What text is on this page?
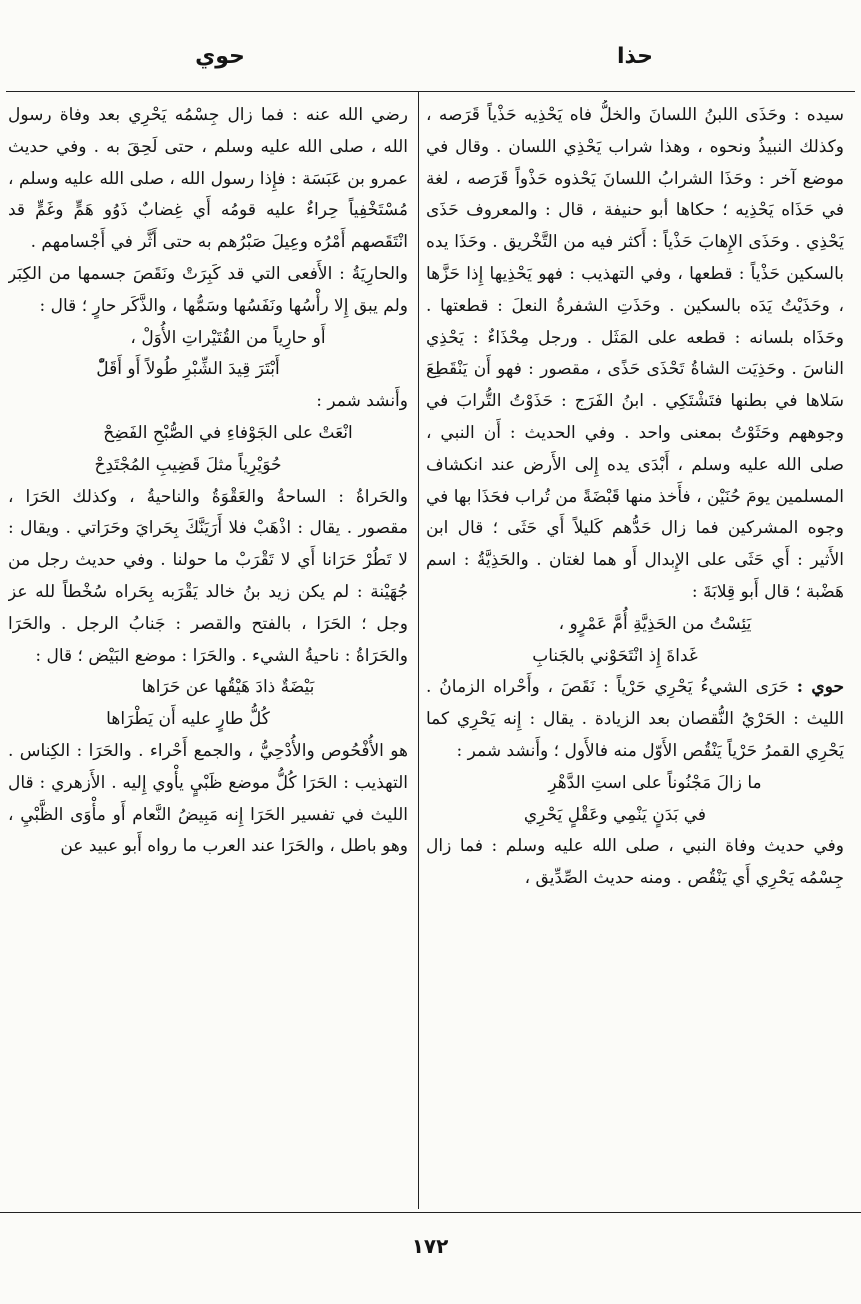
حذا
حوي

سيده : وحَذَى اللبنُ اللسانَ والخلُّ فاه يَحْذِيه حَذْياً قَرَصه ، وكذلك النبيذُ ونحوه ، وهذا شراب يَحْذِي اللسان . وقال في موضع آخر : وحَذَا الشرابُ اللسانَ يَحْذوه حَذْواً قَرَصه ، لغة في حَذَاه يَحْذِيه ؛ حكاها أبو حنيفة ، قال : والمعروف حَذَى يَحْذِي . وحَذَى الإِهابَ حَذْياً : أَكثر فيه من التَّخْريق . وحَذَا يده بالسكين حَذْياً : قطعها ، وفي التهذيب : فهو يَحْذِيها إِذا حَزَّها ، وحَذَيْتُ يَدَه بالسكين . وحَذَتِ الشفرةُ النعلَ : قطعتها . وحَذَاه بلسانه : قطعه على المَثَل . ورجل مِحْذَاءٌ : يَحْذِي الناسَ . وحَذِيَت الشاةُ تَحْذَى حَذًى ، مقصور : فهو أَن يَنْقَطِعَ سَلاها في بطنها فتَشْتَكِي . ابنُ الفَرَج : حَذَوْتُ التُّرابَ في وجوههم وحَثَوْتُ بمعنى واحد . وفي الحديث : أَن النبي ، صلى الله عليه وسلم ، أَبْدَى يده إِلى الأَرض عند انكشاف المسلمين يومَ حُنَيْن ، فأَخذ منها قَبْضَةً من تُراب فحَذَا بها في وجوه المشركين فما زال حَدُّهم كَليلاً أَي حَثَى ؛ قال ابن الأَثير : أَي حَثَى على الإِبدال أَو هما لغتان . والحَذِيَّةُ : اسم هَضْبة ؛ قال أَبو قِلابَةَ :

يَئِسْتُ من الحَذِيَّةِ أُمَّ عَمْرٍو ،

غَداةَ إِذ انْتَحَوْني بالجَنابِ

حوي : حَرَى الشيءُ يَحْرِي حَرْياً : نَقَصَ ، وأَحْراه الزمانُ . الليث : الحَرْيُ النُّقصان بعد الزيادة . يقال : إِنه يَحْرِي كما يَحْرِي القمرُ حَرْياً يَنْقُص الأَوّل منه فالأَول ؛ وأَنشد شمر :

ما زالَ مَجْنُوناً على استِ الدَّهْرِ

في بَدَنٍ يَنْمِي وعَقْلٍ يَحْرِي

وفي حديث وفاة النبي ، صلى الله عليه وسلم : فما زال جِسْمُه يَحْرِي أَي يَنْقُص . ومنه حديث الصِّدِّيق ،

رضي الله عنه : فما زال جِسْمُه يَحْرِي بعد وفاة رسول الله ، صلى الله عليه وسلم ، حتى لَحِقَ به . وفي حديث عمرو بن عَبَسَة : فإِذا رسول الله ، صلى الله عليه وسلم ، مُسْتَخْفِياً حِراءٌ عليه قومُه أَي غِضابٌ ذَوُو هَمٍّ وغَمٍّ قد انْتَقَصهم أَمْرُه وعِيلَ صَبْرُهم به حتى أَثَّر في أَجْسامهم .

والحارِيَةُ : الأَفعى التي قد كَبِرَتْ ونَقَصَ جسمها من الكِبَر ولم يبق إِلا رأْسُها ونَفَسُها وسَمُّها ، والذَّكَر حارٍ ؛ قال :

أَو حارِياً من القُتَيْراتِ الأُوَلْ ،

أَبْتَرَ قِيدَ الشِّبْرِ طُولاً أَو أَقَلّْ

وأَنشد شمر :

انْعَتْ على الجَوْفاءِ في الصُّبْحِ الفَضِحْ

حُوَيْرِياً مثلَ قَضِيبِ المُجْتَدِحْ

والحَراةُ : الساحةُ والعَقْوَةُ والناحيةُ ، وكذلك الحَرَا ، مقصور . يقال : اذْهَبْ فلا أَرَيَنَّكَ بِحَرايَ وحَرَاتي . ويقال : لا تَطُرْ حَرَانا أَي لا تَقْرَبْ ما حولنا . وفي حديث رجل من جُهَيْنة : لم يكن زيد بنُ خالد يَقْرَبه بِحَراه سُخْطاً لله عز وجل ؛ الحَرَا ، بالفتح والقصر : جَنابُ الرجل . والحَرَا والحَرَاةُ : ناحيةُ الشيء . والحَرَا : موضع البَيْض ؛ قال :

بَيْضَةٌ ذادَ هَيْقُها عن حَرَاها

كُلُّ طارٍ عليه أَن يَطْرَاها

هو الأُفْحُوص والأُدْحِيُّ ، والجمع أَحْراء . والحَرَا : الكِناس . التهذيب : الحَرَا كُلُّ موضع ظَبْيٍ يأْوي إِليه . الأَزهري : قال الليث في تفسير الحَرَا إِنه مَبِيضُ النَّعام أَو مأْوَى الظَّبْيِ ، وهو باطل ، والحَرَا عند العرب ما رواه أَبو عبيد عن

١٧٢
